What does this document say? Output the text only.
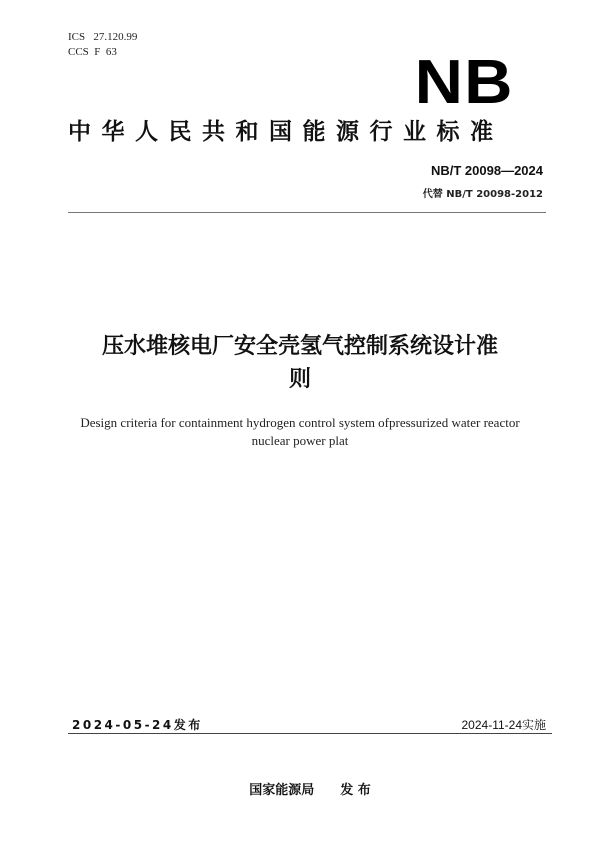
ICS   27.120.99
CCS  F  63	NB
中华人民共和国能源行业标准
NB/T 20098—2024
代替 NB/T 20098-2012
压水堆核电厂安全壳氢气控制系统设计准
则
Design criteria for containment hydrogen control system ofpressurized water reactor
nuclear power plat
2024-05-24发布	2024-11-24实施
国家能源局 发 布
